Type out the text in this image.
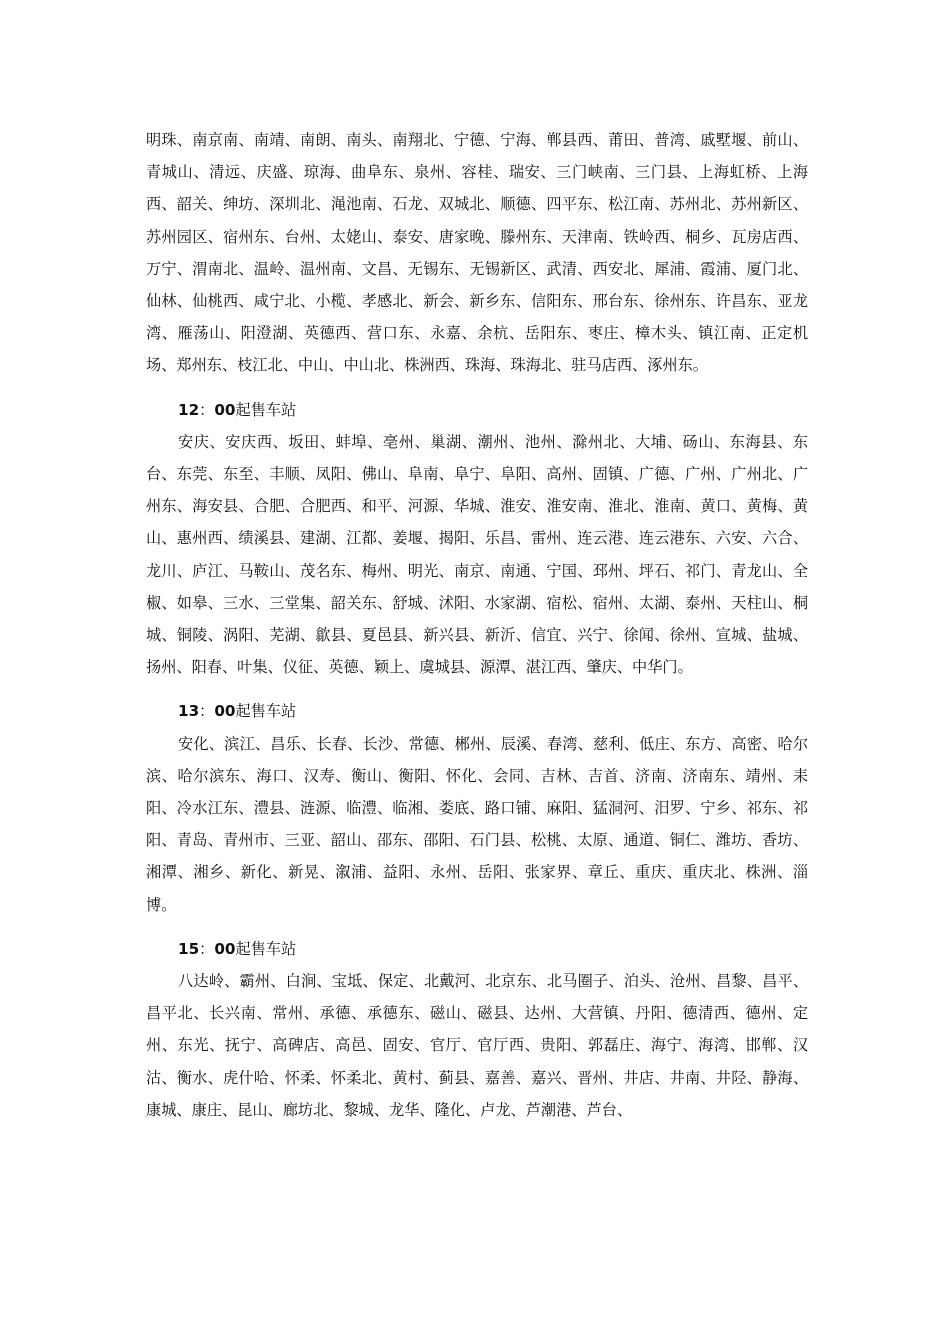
明珠、南京南、南靖、南朗、南头、南翔北、宁德、宁海、郸县西、莆田、普湾、戚墅堰、前山、青城山、清远、庆盛、琼海、曲阜东、泉州、容桂、瑞安、三门峡南、三门县、上海虹桥、上海西、韶关、绅坊、深圳北、渑池南、石龙、双城北、顺德、四平东、松江南、苏州北、苏州新区、苏州园区、宿州东、台州、太姥山、泰安、唐家晚、滕州东、天津南、铁岭西、桐乡、瓦房店西、万宁、渭南北、温岭、温州南、文昌、无锡东、无锡新区、武清、西安北、犀浦、霞浦、厦门北、仙林、仙桃西、咸宁北、小榄、孝感北、新会、新乡东、信阳东、邢台东、徐州东、许昌东、亚龙湾、雁荡山、阳澄湖、英德西、营口东、永嘉、余杭、岳阳东、枣庄、樟木头、镇江南、正定机场、郑州东、枝江北、中山、中山北、株洲西、珠海、珠海北、驻马店西、涿州东。

12：00起售车站

安庆、安庆西、坂田、蚌埠、亳州、巢湖、潮州、池州、滁州北、大埔、砀山、东海县、东台、东莞、东至、丰顺、凤阳、佛山、阜南、阜宁、阜阳、高州、固镇、广德、广州、广州北、广州东、海安县、合肥、合肥西、和平、河源、华城、淮安、淮安南、淮北、淮南、黄口、黄梅、黄山、惠州西、绩溪县、建湖、江都、姜堰、揭阳、乐昌、雷州、连云港、连云港东、六安、六合、龙川、庐江、马鞍山、茂名东、梅州、明光、南京、南通、宁国、邳州、坪石、祁门、青龙山、全椒、如皋、三水、三堂集、韶关东、舒城、沭阳、水家湖、宿松、宿州、太湖、泰州、天柱山、桐城、铜陵、涡阳、芜湖、歙县、夏邑县、新兴县、新沂、信宜、兴宁、徐闻、徐州、宣城、盐城、扬州、阳春、叶集、仪征、英德、颖上、虞城县、源潭、湛江西、肇庆、中华门。

13：00起售车站

安化、滨江、昌乐、长春、长沙、常德、郴州、辰溪、春湾、慈利、低庄、东方、高密、哈尔滨、哈尔滨东、海口、汉寿、衡山、衡阳、怀化、会同、吉林、吉首、济南、济南东、靖州、耒阳、冷水江东、澧县、涟源、临澧、临湘、娄底、路口铺、麻阳、猛洞河、汨罗、宁乡、祁东、祁阳、青岛、青州市、三亚、韶山、邵东、邵阳、石门县、松桃、太原、通道、铜仁、潍坊、香坊、湘潭、湘乡、新化、新晃、溆浦、益阳、永州、岳阳、张家界、章丘、重庆、重庆北、株洲、淄博。

15：00起售车站

八达岭、霸州、白涧、宝坻、保定、北戴河、北京东、北马圈子、泊头、沧州、昌黎、昌平、昌平北、长兴南、常州、承德、承德东、磁山、磁县、达州、大营镇、丹阳、德清西、德州、定州、东光、抚宁、高碑店、高邑、固安、官厅、官厅西、贵阳、郭磊庄、海宁、海湾、邯郸、汉沽、衡水、虎什哈、怀柔、怀柔北、黄村、蓟县、嘉善、嘉兴、晋州、井店、井南、井陉、静海、康城、康庄、昆山、廊坊北、黎城、龙华、隆化、卢龙、芦潮港、芦台、
